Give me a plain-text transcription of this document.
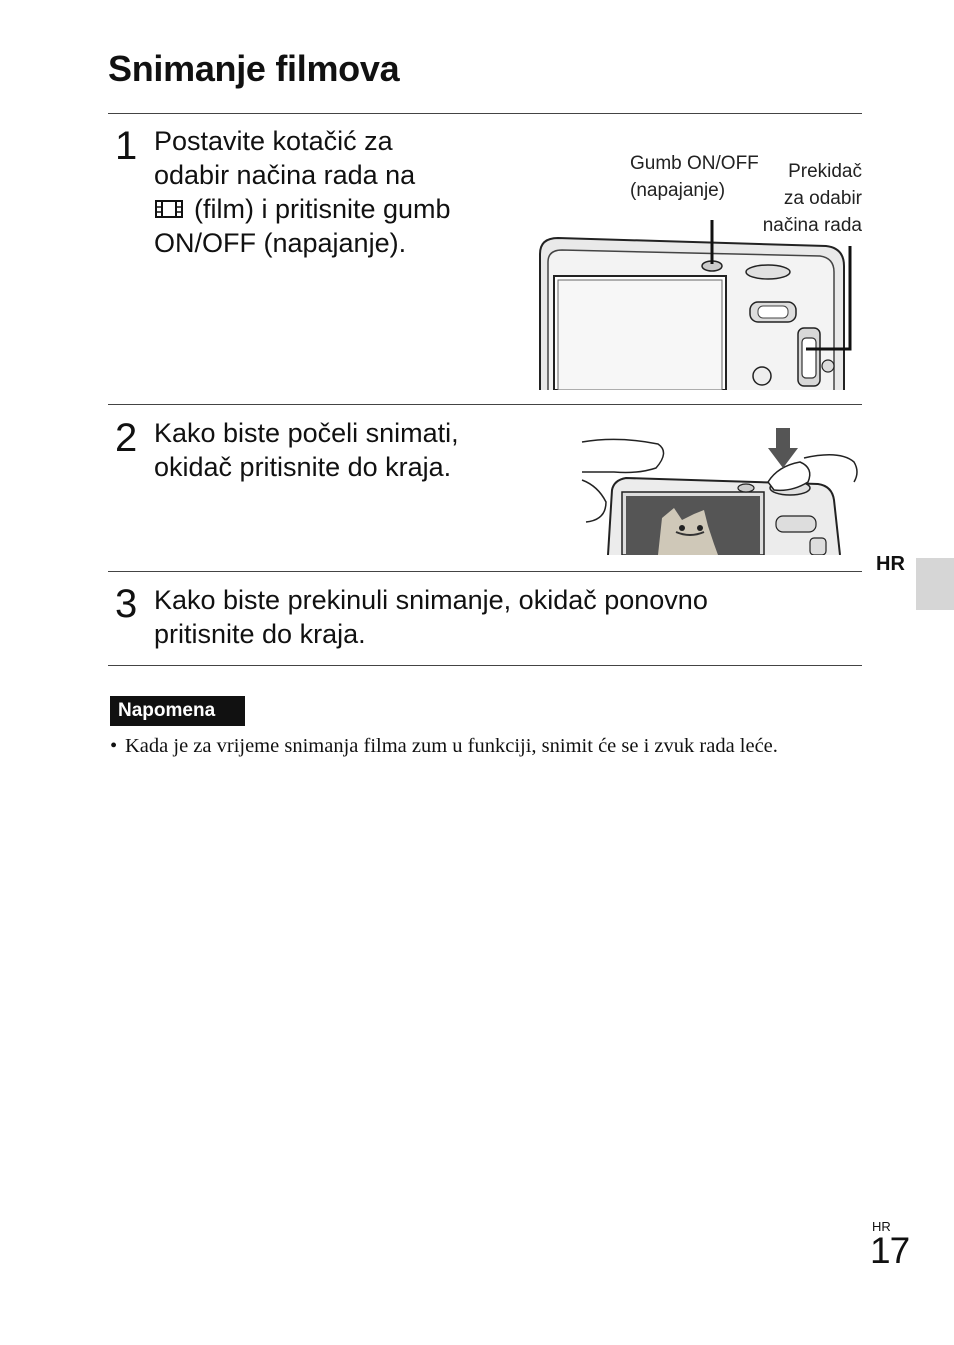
Snimanje filmova
1 Postavite kotačić za

odabir načina rada na

(film) i pritisnite gumb

ON/OFF (napajanje).

Gumb ON/OFF
(napajanje)
Prekidač
za odabir
načina rada
2 Kako biste počeli snimati,

okidač pritisnite do kraja.

3 Kako biste prekinuli snimanje, okidač ponovno

pritisnite do kraja.

HR
Napomena
• Kada je za vrijeme snimanja filma zum u funkciji, snimit će se i zvuk rada leće.
HR
17
